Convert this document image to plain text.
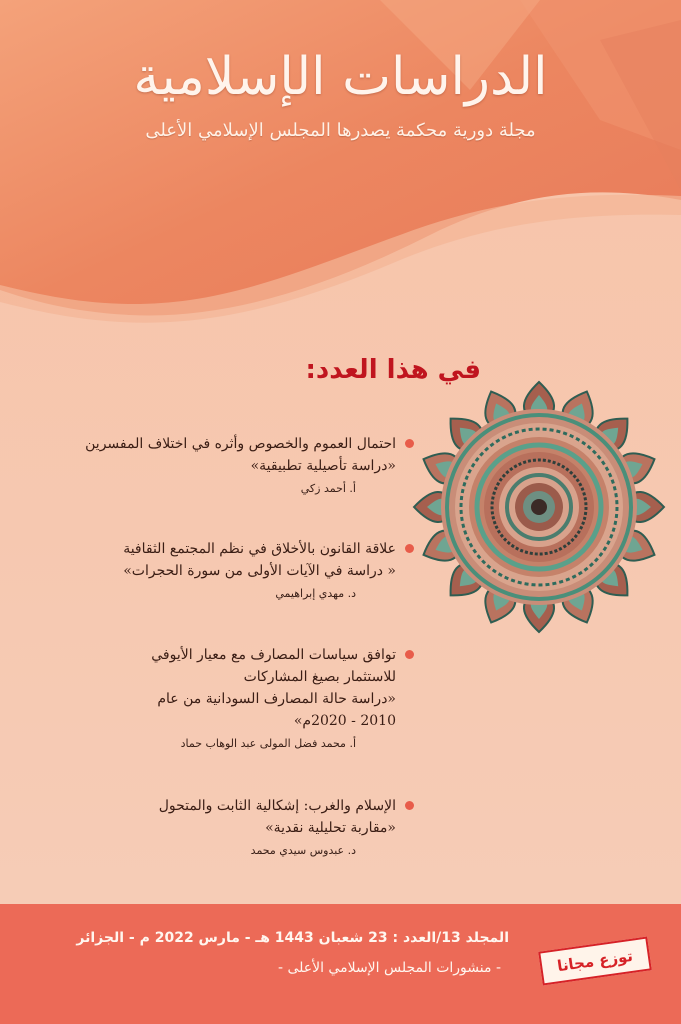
الدراسات الإسلامية
مجلة دورية محكمة يصدرها المجلس الإسلامي الأعلى
في هذا العدد:
احتمال العموم والخصوص وأثره في اختلاف المفسرين
«دراسة تأصيلية تطبيقية»
أ. أحمد زكي
علاقة القانون بالأخلاق في نظم المجتمع الثقافية
« دراسة في الآيات الأولى من سورة الحجرات»
د. مهدي إبراهيمي
توافق سياسات المصارف مع معيار الأيوفي
للاستثمار بصيغ المشاركات
«دراسة حالة المصارف السودانية من عام
2010 - 2020م»
أ. محمد فضل المولى عبد الوهاب حماد
الإسلام والغرب: إشكالية الثابت والمتحول
«مقاربة تحليلية نقدية»
د. عبدوس سيدي محمد
المجلد 13/العدد : 23 شعبان 1443 هـ - مارس 2022 م - الجزائر
- منشورات المجلس الإسلامي الأعلى -	توزع مجانا
